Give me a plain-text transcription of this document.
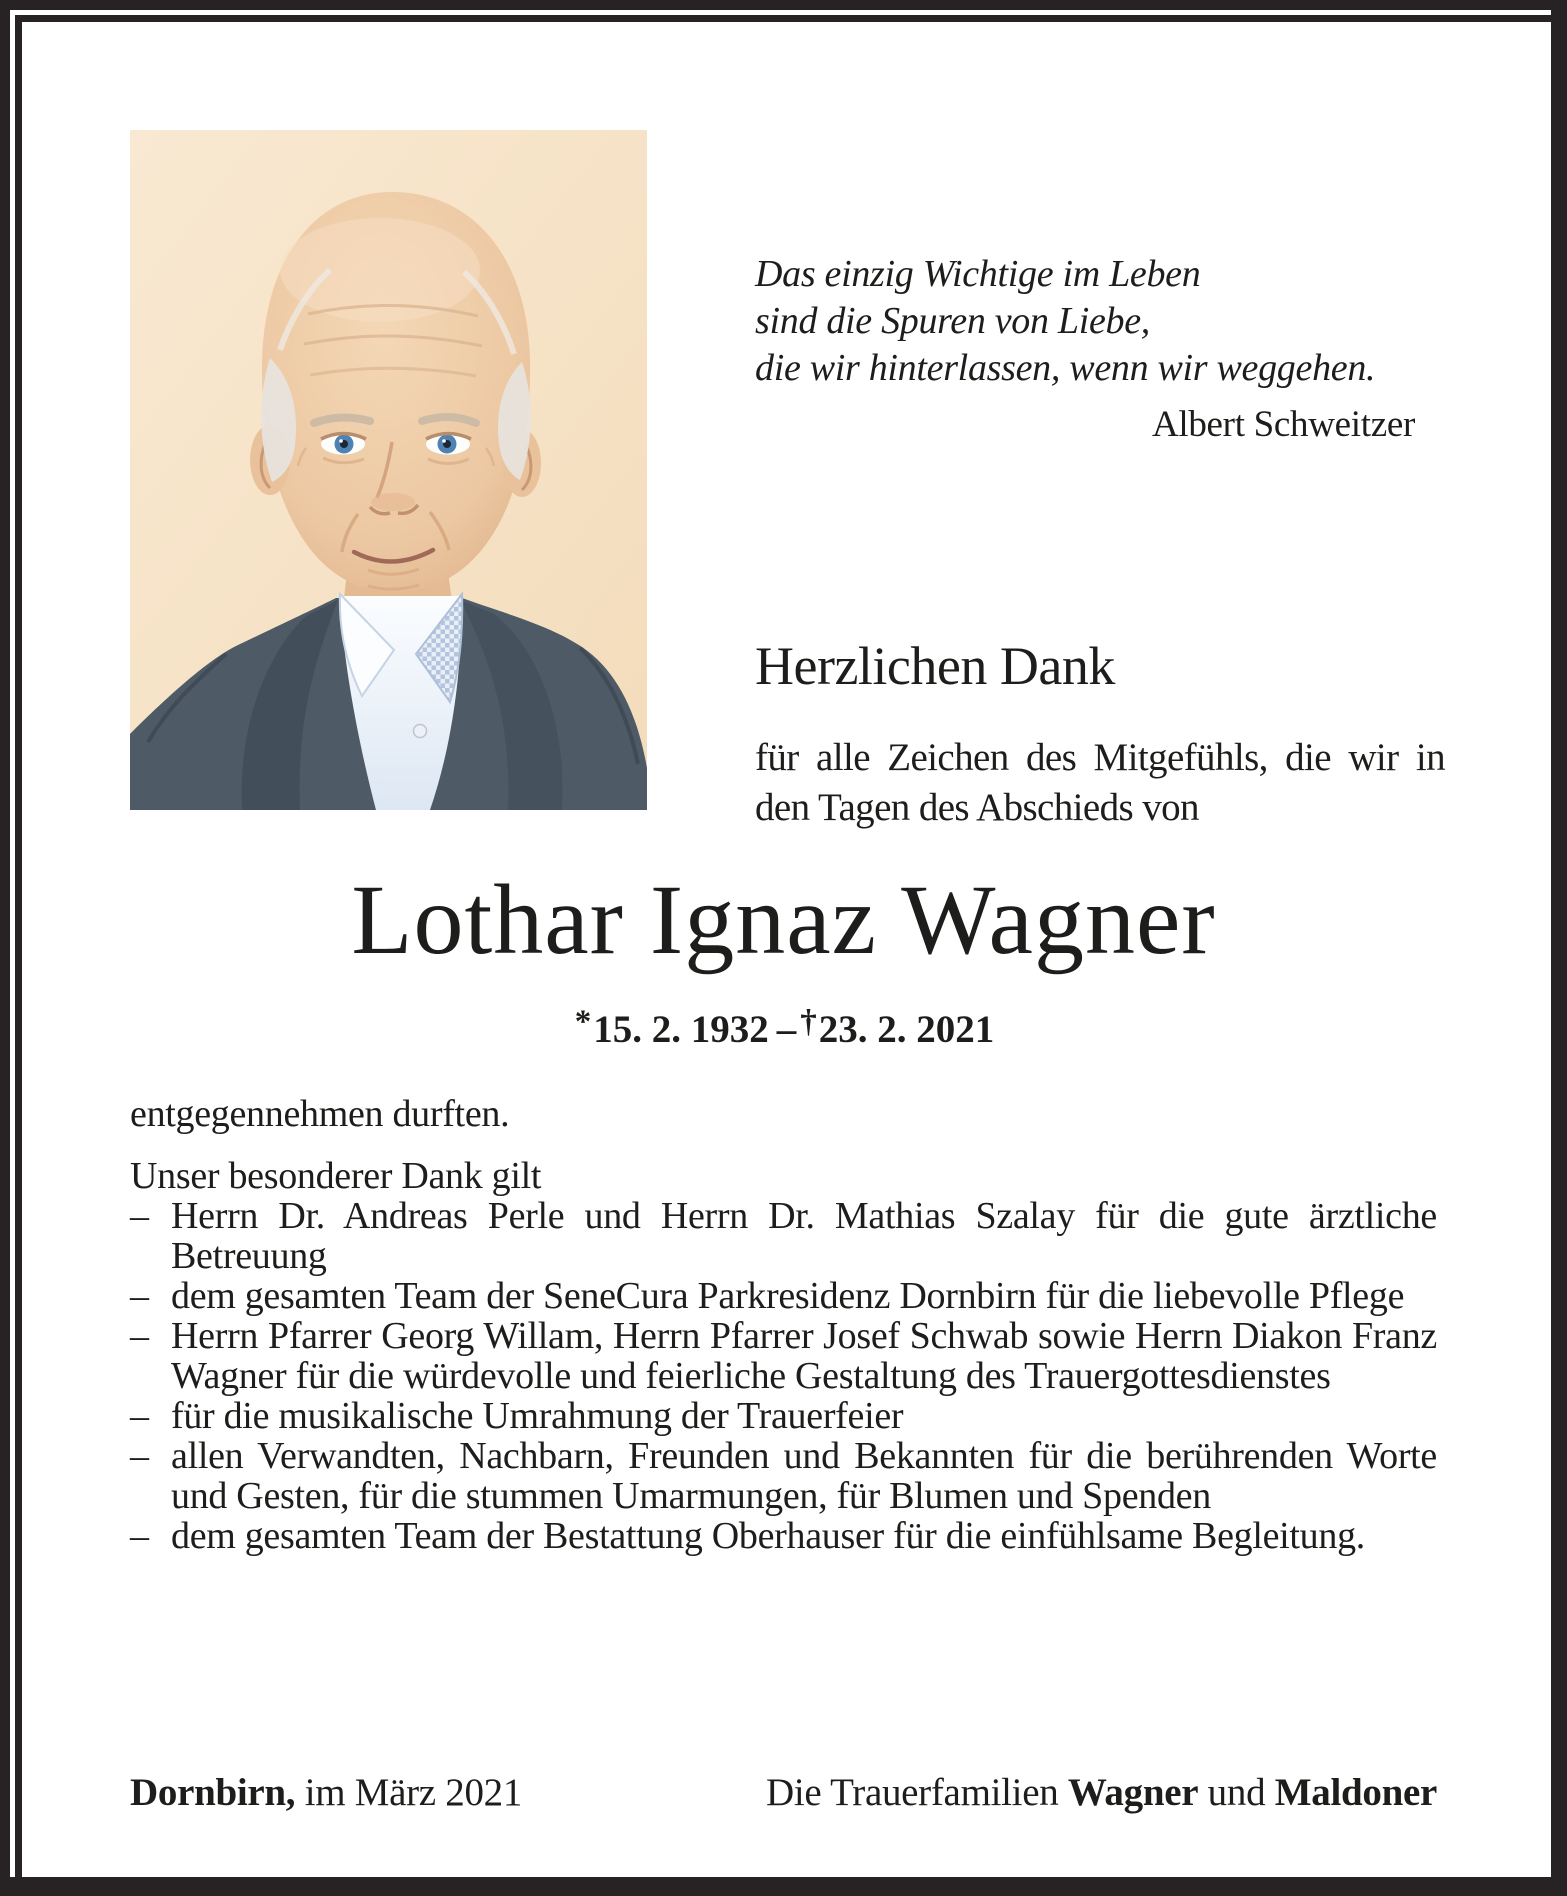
Das einzig Wichtige im Leben
sind die Spuren von Liebe,
die wir hinterlassen, wenn wir weggehen.
Albert Schweitzer
Herzlichen Dank
für alle Zeichen des Mitgefühls, die wir in den Tagen des Abschieds von
Lothar Ignaz Wagner
*15. 2. 1932 – †23. 2. 2021
entgegennehmen durften.
Unser besonderer Dank gilt
– Herrn Dr. Andreas Perle und Herrn Dr. Mathias Szalay für die gute ärztliche Betreuung
– dem gesamten Team der SeneCura Parkresidenz Dornbirn für die liebevolle Pflege
– Herrn Pfarrer Georg Willam, Herrn Pfarrer Josef Schwab sowie Herrn Diakon Franz Wagner für die würdevolle und feierliche Gestaltung des Trauergottesdienstes
– für die musikalische Umrahmung der Trauerfeier
– allen Verwandten, Nachbarn, Freunden und Bekannten für die berührenden Worte und Gesten, für die stummen Umarmungen, für Blumen und Spenden
– dem gesamten Team der Bestattung Oberhauser für die einfühlsame Begleitung.
Dornbirn, im März 2021	Die Trauerfamilien Wagner und Maldoner
